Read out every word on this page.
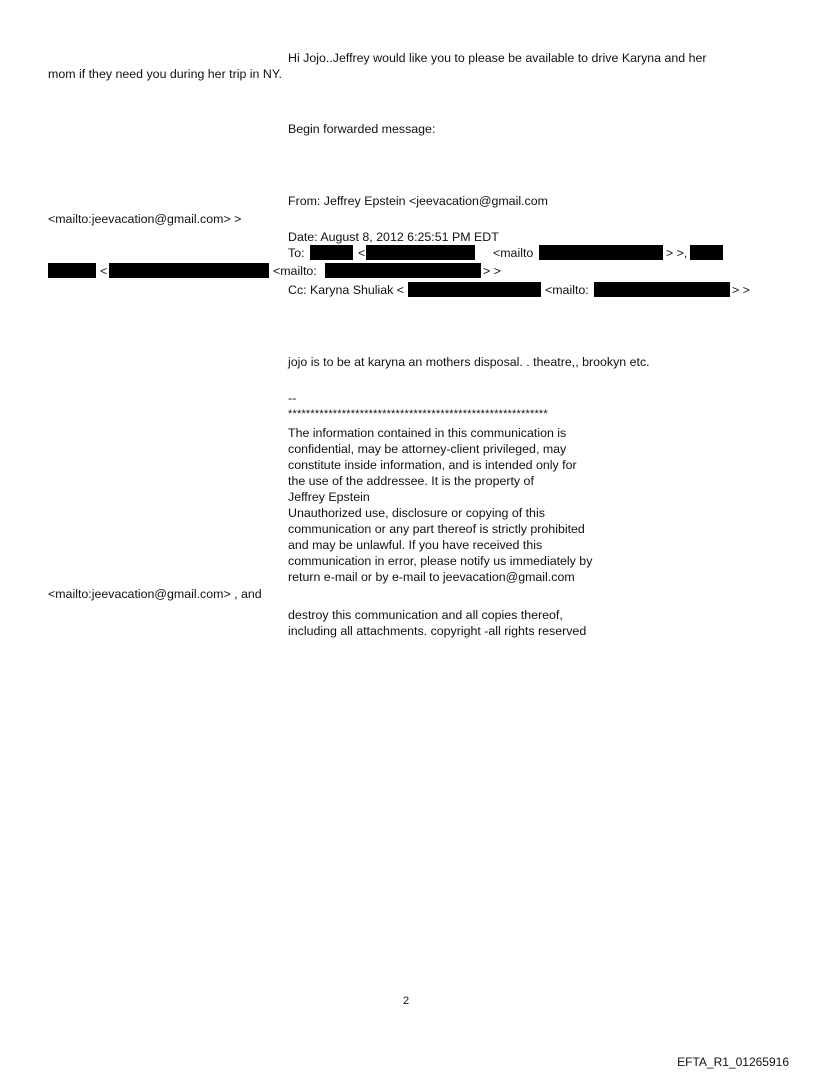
Hi Jojo..Jeffrey would like you to please be available to drive Karyna and her
mom if they need you during her trip in NY.
Begin forwarded message:
From: Jeffrey Epstein <jeevacation@gmail.com
<mailto:jeevacation@gmail.com> >
Date: August 8, 2012 6:25:51 PM EDT
To:	<	<mailto	> >,
<	<mailto:	> >
Cc: Karyna Shuliak <	<mailto:	> >
jojo is to be at karyna an mothers disposal. . theatre,, brookyn etc.
--
**********************************************************
The information contained in this communication is
confidential, may be attorney-client privileged, may
constitute inside information, and is intended only for
the use of the addressee. It is the property of
Jeffrey Epstein
Unauthorized use, disclosure or copying of this
communication or any part thereof is strictly prohibited
and may be unlawful. If you have received this
communication in error, please notify us immediately by
return e-mail or by e-mail to jeevacation@gmail.com
<mailto:jeevacation@gmail.com> , and
destroy this communication and all copies thereof,
including all attachments. copyright -all rights reserved
2
EFTA_R1_01265916
